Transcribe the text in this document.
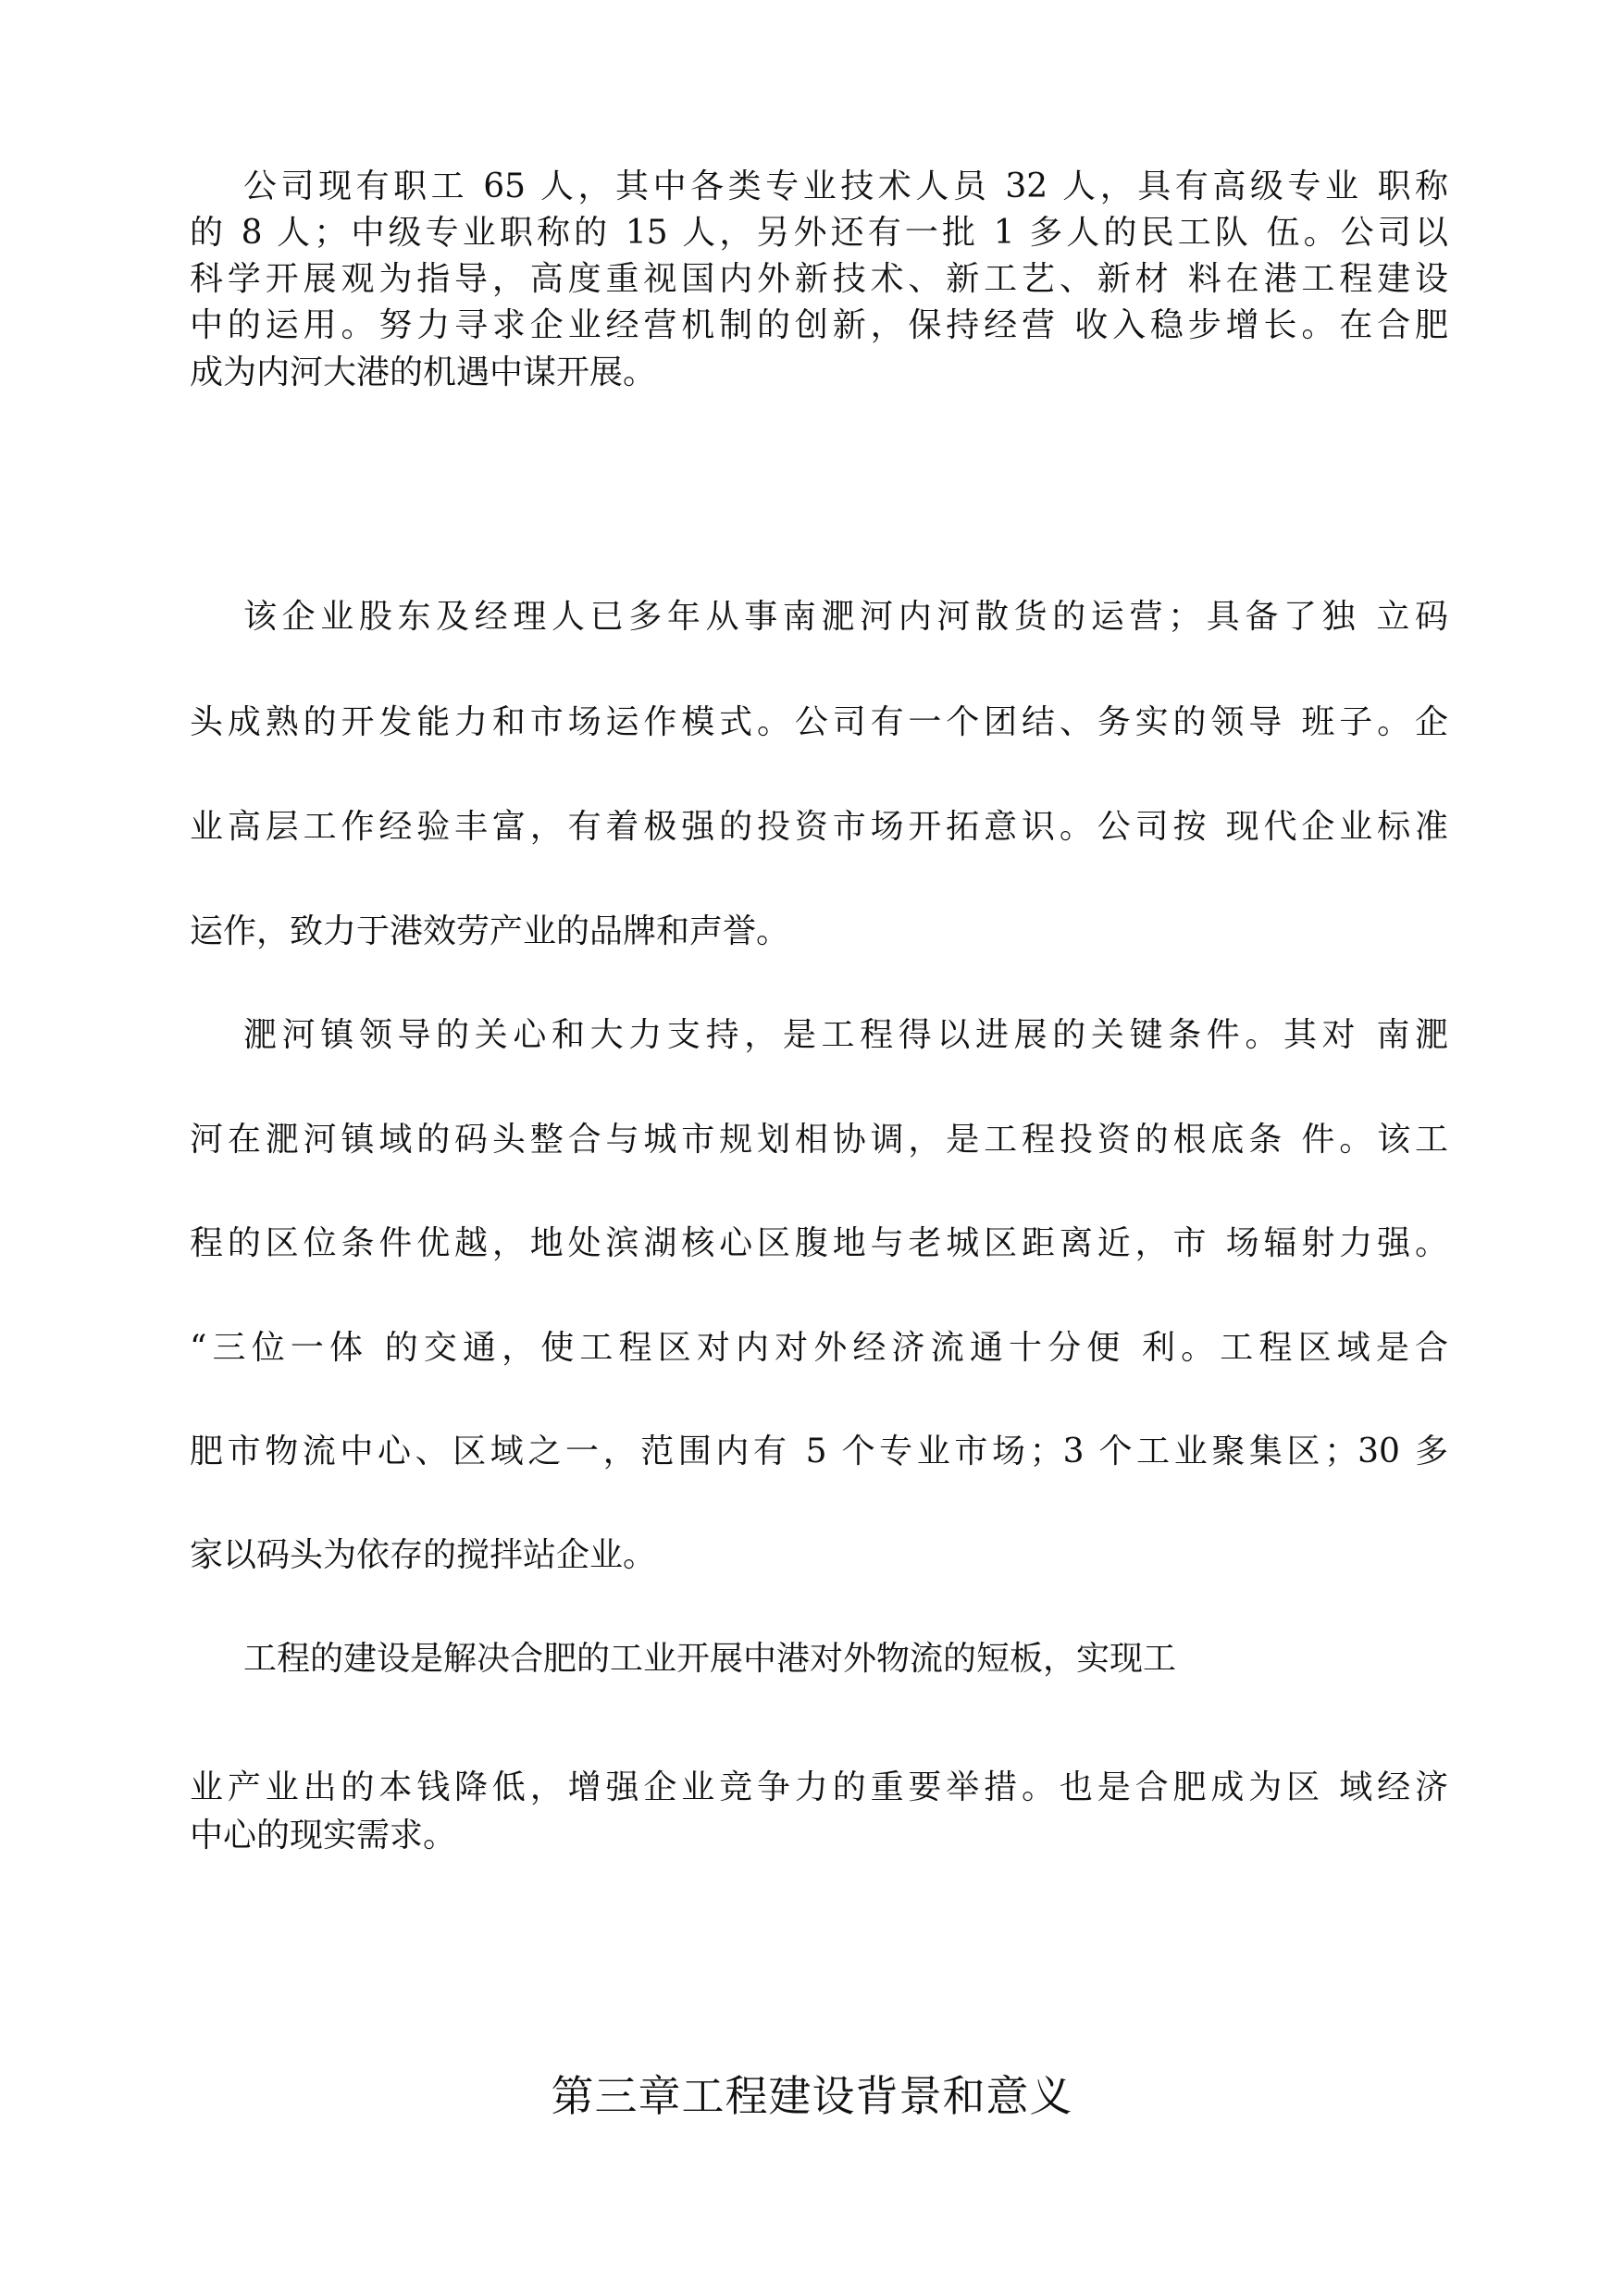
公司现有职工 65 人，其中各类专业技术人员 32 人，具有高级专业 职称
的 8 人；中级专业职称的 15 人，另外还有一批 1 多人的民工队 伍。公司以
科学开展观为指导，高度重视国内外新技术、新工艺、新材 料在港工程建设
中的运用。努力寻求企业经营机制的创新，保持经营 收入稳步增长。在合肥
成为内河大港的机遇中谋开展。
该企业股东及经理人已多年从事南淝河内河散货的运营；具备了独 立码
头成熟的开发能力和市场运作模式。公司有一个团结、务实的领导 班子。企
业高层工作经验丰富，有着极强的投资市场开拓意识。公司按 现代企业标准
运作，致力于港效劳产业的品牌和声誉。
淝河镇领导的关心和大力支持，是工程得以进展的关键条件。其对 南淝
河在淝河镇域的码头整合与城市规划相协调，是工程投资的根底条 件。该工
程的区位条件优越，地处滨湖核心区腹地与老城区距离近，市 场辐射力强。
“三位一体 的交通，使工程区对内对外经济流通十分便 利。工程区域是合
肥市物流中心、区域之一，范围内有 5 个专业市场；3 个工业聚集区；30 多
家以码头为依存的搅拌站企业。
工程的建设是解决合肥的工业开展中港对外物流的短板，实现工
业产业出的本钱降低，增强企业竞争力的重要举措。也是合肥成为区 域经济
中心的现实需求。
第三章工程建设背景和意义
